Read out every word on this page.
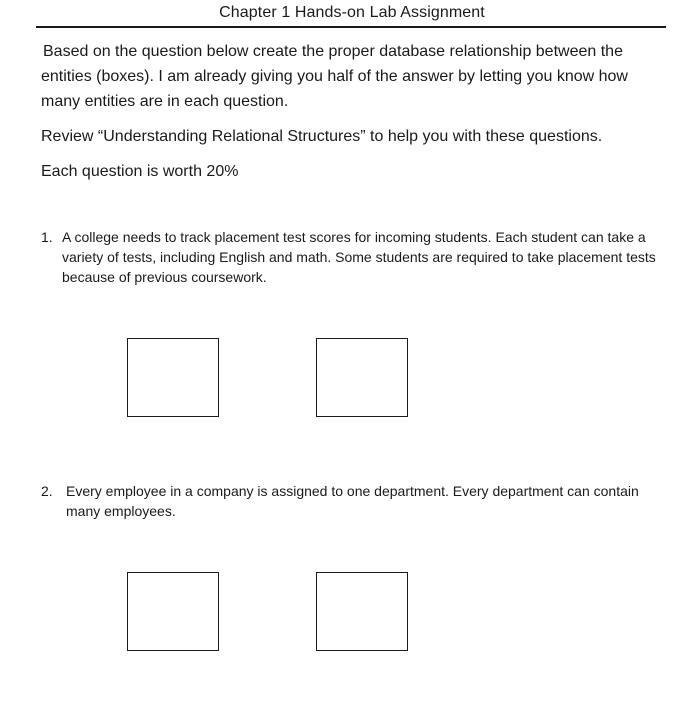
Chapter 1 Hands-on Lab Assignment

Based on the question below create the proper database relationship between the entities (boxes). I am already giving you half of the answer by letting you know how many entities are in each question.

Review “Understanding Relational Structures” to help you with these questions.

Each question is worth 20%

1. A college needs to track placement test scores for incoming students. Each student can take a variety of tests, including English and math. Some students are required to take placement tests because of previous coursework.
2. Every employee in a company is assigned to one department. Every department can contain many employees.
